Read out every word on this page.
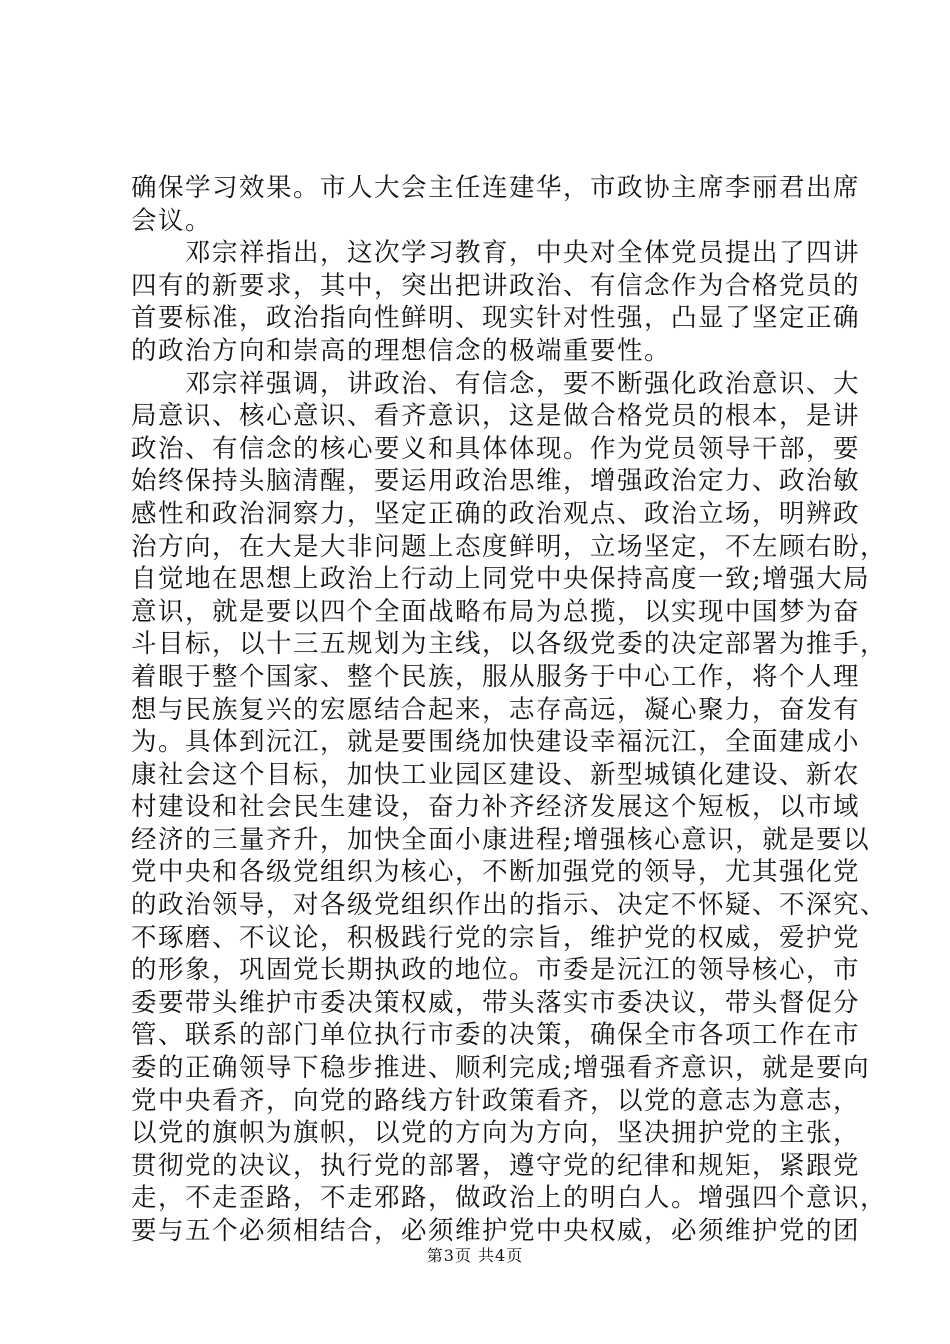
确保学习效果。市人大会主任连建华，市政协主席李丽君出席
会议。
　　邓宗祥指出，这次学习教育，中央对全体党员提出了四讲
四有的新要求，其中，突出把讲政治、有信念作为合格党员的
首要标准，政治指向性鲜明、现实针对性强，凸显了坚定正确
的政治方向和崇高的理想信念的极端重要性。
　　邓宗祥强调，讲政治、有信念，要不断强化政治意识、大
局意识、核心意识、看齐意识，这是做合格党员的根本，是讲
政治、有信念的核心要义和具体体现。作为党员领导干部，要
始终保持头脑清醒，要运用政治思维，增强政治定力、政治敏
感性和政治洞察力，坚定正确的政治观点、政治立场，明辨政
治方向，在大是大非问题上态度鲜明，立场坚定，不左顾右盼，
自觉地在思想上政治上行动上同党中央保持高度一致;增强大局
意识，就是要以四个全面战略布局为总揽，以实现中国梦为奋
斗目标，以十三五规划为主线，以各级党委的决定部署为推手，
着眼于整个国家、整个民族，服从服务于中心工作，将个人理
想与民族复兴的宏愿结合起来，志存高远，凝心聚力，奋发有
为。具体到沅江，就是要围绕加快建设幸福沅江，全面建成小
康社会这个目标，加快工业园区建设、新型城镇化建设、新农
村建设和社会民生建设，奋力补齐经济发展这个短板，以市域
经济的三量齐升，加快全面小康进程;增强核心意识，就是要以
党中央和各级党组织为核心，不断加强党的领导，尤其强化党
的政治领导，对各级党组织作出的指示、决定不怀疑、不深究、
不琢磨、不议论，积极践行党的宗旨，维护党的权威，爱护党
的形象，巩固党长期执政的地位。市委是沅江的领导核心，市
委要带头维护市委决策权威，带头落实市委决议，带头督促分
管、联系的部门单位执行市委的决策，确保全市各项工作在市
委的正确领导下稳步推进、顺利完成;增强看齐意识，就是要向
党中央看齐，向党的路线方针政策看齐，以党的意志为意志，
以党的旗帜为旗帜，以党的方向为方向，坚决拥护党的主张，
贯彻党的决议，执行党的部署，遵守党的纪律和规矩，紧跟党
走，不走歪路，不走邪路，做政治上的明白人。增强四个意识，
要与五个必须相结合，必须维护党中央权威，必须维护党的团
第3页 共4页
